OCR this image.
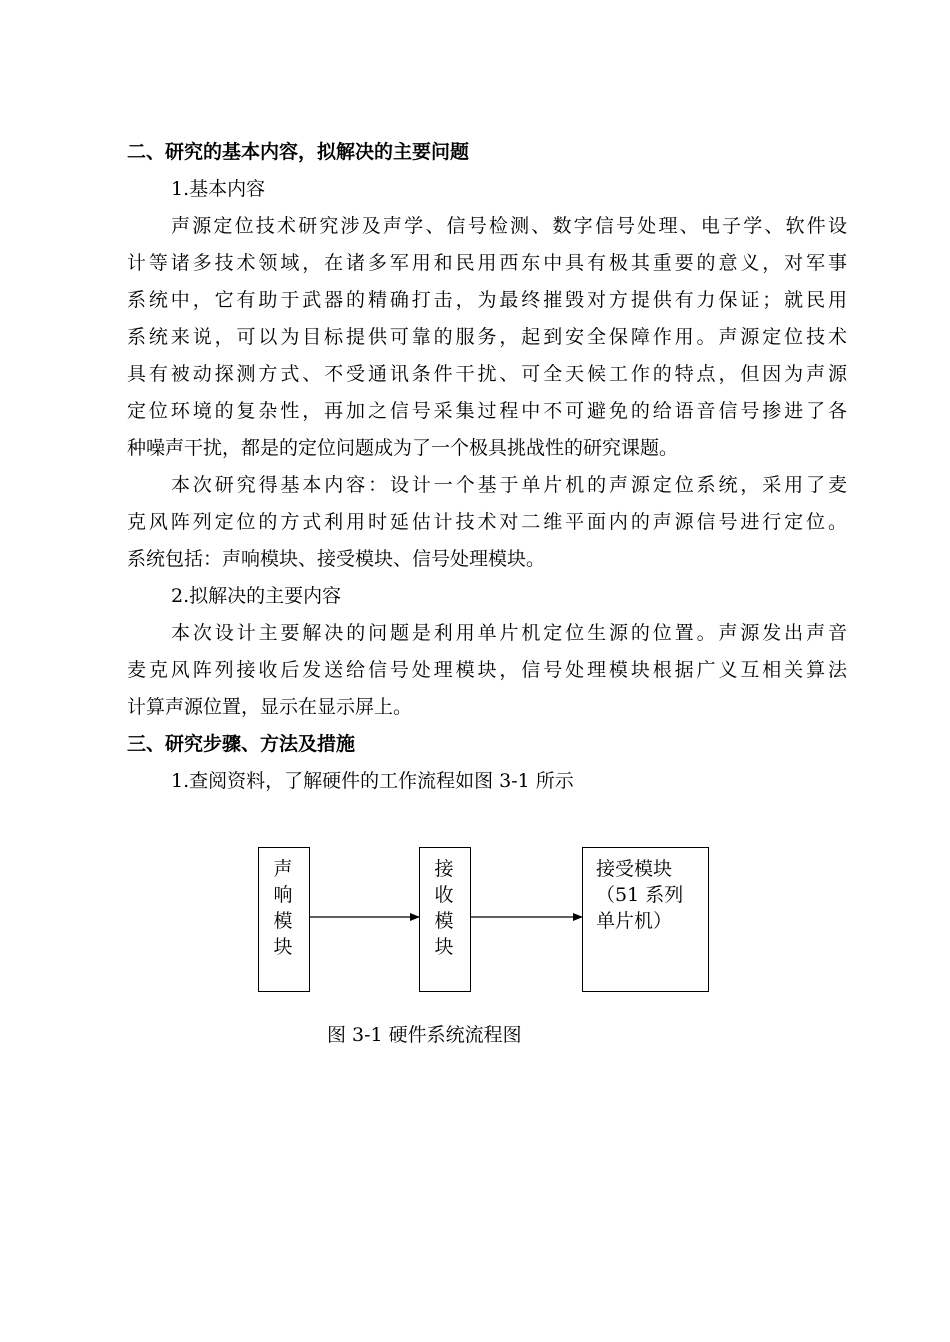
二、研究的基本内容，拟解决的主要问题
1.基本内容
声源定位技术研究涉及声学、信号检测、数字信号处理、电子学、软件设
计等诸多技术领域，在诸多军用和民用西东中具有极其重要的意义，对军事
系统中，它有助于武器的精确打击，为最终摧毁对方提供有力保证；就民用
系统来说，可以为目标提供可靠的服务，起到安全保障作用。声源定位技术
具有被动探测方式、不受通讯条件干扰、可全天候工作的特点，但因为声源
定位环境的复杂性，再加之信号采集过程中不可避免的给语音信号掺进了各
种噪声干扰，都是的定位问题成为了一个极具挑战性的研究课题。
本次研究得基本内容：设计一个基于单片机的声源定位系统，采用了麦
克风阵列定位的方式利用时延估计技术对二维平面内的声源信号进行定位。
系统包括：声响模块、接受模块、信号处理模块。
2.拟解决的主要内容
本次设计主要解决的问题是利用单片机定位生源的位置。声源发出声音
麦克风阵列接收后发送给信号处理模块，信号处理模块根据广义互相关算法
计算声源位置，显示在显示屏上。
三、研究步骤、方法及措施
1.查阅资料，了解硬件的工作流程如图 3-1 所示
声
响
模
块
接
收
模
块
接受模块
（51 系列
单片机）
图 3-1 硬件系统流程图
